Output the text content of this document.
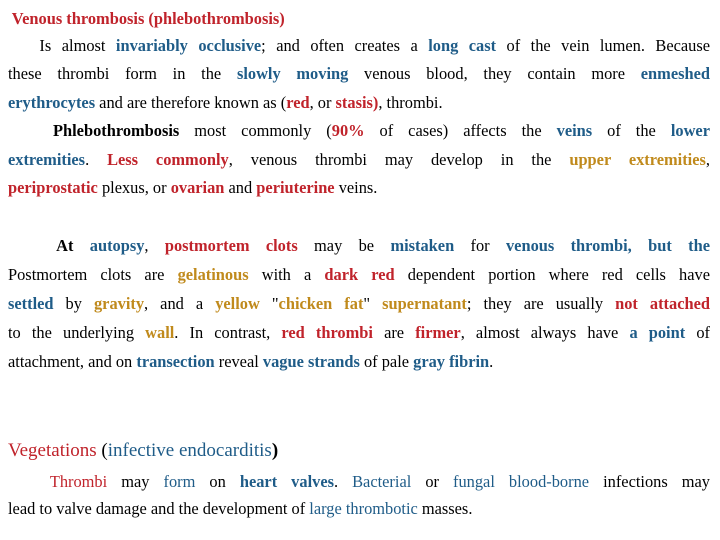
Venous thrombosis (phlebothrombosis)
Is almost invariably occlusive; and often creates a long cast of the vein lumen. Because
these thrombi form in the slowly moving venous blood, they contain more enmeshed
erythrocytes and are therefore known as (red, or stasis), thrombi.
Phlebothrombosis most commonly (90% of cases) affects the veins of the lower
extremities. Less commonly, venous thrombi may develop in the upper extremities,
periprostatic plexus, or ovarian and periuterine veins.
At autopsy, postmortem clots may be mistaken for venous thrombi, but the
Postmortem clots are gelatinous with a dark red dependent portion where red cells have
settled by gravity, and a yellow "chicken fat" supernatant; they are usually not attached
to the underlying wall. In contrast, red thrombi are firmer, almost always have a point of
attachment, and on transection reveal vague strands of pale gray fibrin.
Vegetations (infective endocarditis)
Thrombi may form on heart valves. Bacterial or fungal blood-borne infections may
lead to valve damage and the development of large thrombotic masses.
